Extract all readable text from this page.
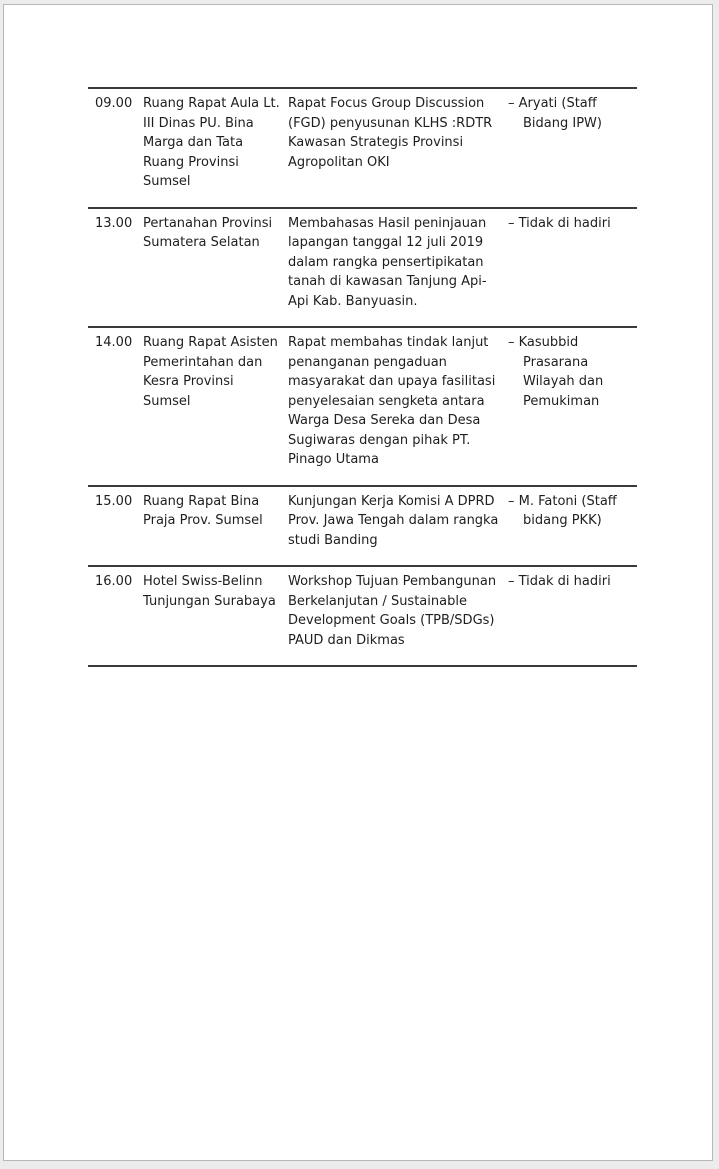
09.00	Ruang Rapat Aula Lt. III Dinas PU. Bina Marga dan Tata Ruang Provinsi Sumsel	Rapat Focus Group Discussion (FGD) penyusunan KLHS :RDTR Kawasan Strategis Provinsi Agropolitan OKI	– Aryati (Staff Bidang IPW)
13.00	Pertanahan Provinsi Sumatera Selatan	Membahasas Hasil peninjauan lapangan tanggal 12 juli 2019 dalam rangka pensertipikatan tanah di kawasan Tanjung Api-Api Kab. Banyuasin.	– Tidak di hadiri
14.00	Ruang Rapat Asisten Pemerintahan dan Kesra Provinsi Sumsel	Rapat membahas tindak lanjut penanganan pengaduan masyarakat dan upaya fasilitasi penyelesaian sengketa antara Warga Desa Sereka dan Desa Sugiwaras dengan pihak PT. Pinago Utama	– Kasubbid Prasarana Wilayah dan Pemukiman
15.00	Ruang Rapat Bina Praja Prov. Sumsel	Kunjungan Kerja Komisi A DPRD Prov. Jawa Tengah dalam rangka studi Banding	– M. Fatoni (Staff bidang PKK)
16.00	Hotel Swiss-Belinn Tunjungan Surabaya	Workshop Tujuan Pembangunan Berkelanjutan / Sustainable Development Goals (TPB/SDGs) PAUD dan Dikmas	– Tidak di hadiri
